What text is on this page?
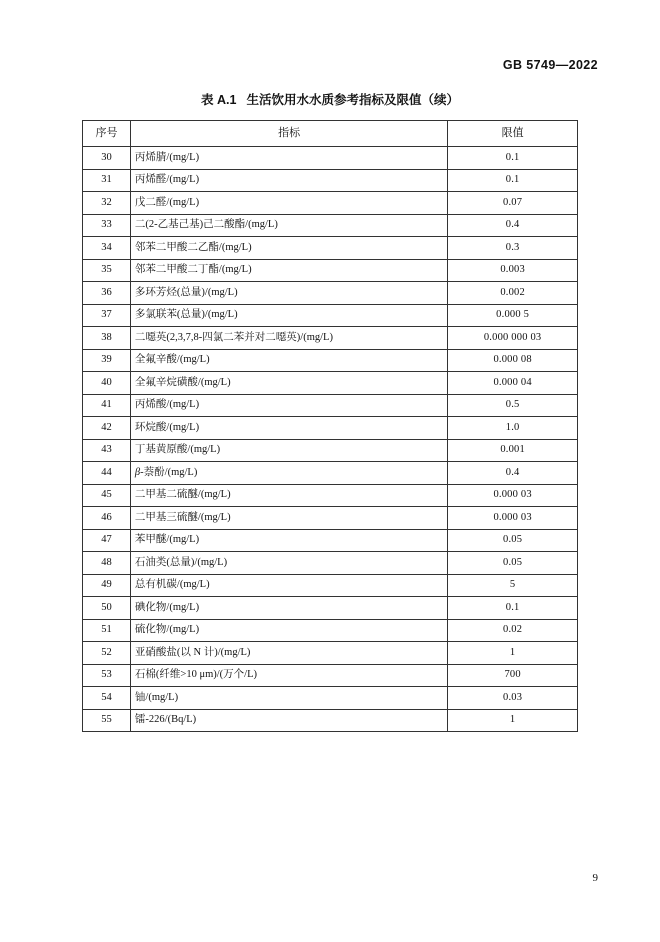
GB 5749—2022
表 A.1 生活饮用水水质参考指标及限值（续）
序号	指标	限值
30	丙烯腈/(mg/L)	0.1
31	丙烯醛/(mg/L)	0.1
32	戊二醛/(mg/L)	0.07
33	二(2-乙基己基)己二酸酯/(mg/L)	0.4
34	邻苯二甲酸二乙酯/(mg/L)	0.3
35	邻苯二甲酸二丁酯/(mg/L)	0.003
36	多环芳烃(总量)/(mg/L)	0.002
37	多氯联苯(总量)/(mg/L)	0.000 5
38	二噁英(2,3,7,8-四氯二苯并对二噁英)/(mg/L)	0.000 000 03
39	全氟辛酸/(mg/L)	0.000 08
40	全氟辛烷磺酸/(mg/L)	0.000 04
41	丙烯酸/(mg/L)	0.5
42	环烷酸/(mg/L)	1.0
43	丁基黄原酸/(mg/L)	0.001
44	β-萘酚/(mg/L)	0.4
45	二甲基二硫醚/(mg/L)	0.000 03
46	二甲基三硫醚/(mg/L)	0.000 03
47	苯甲醚/(mg/L)	0.05
48	石油类(总量)/(mg/L)	0.05
49	总有机碳/(mg/L)	5
50	碘化物/(mg/L)	0.1
51	硫化物/(mg/L)	0.02
52	亚硝酸盐(以 N 计)/(mg/L)	1
53	石棉(纤维>10 μm)/(万个/L)	700
54	铀/(mg/L)	0.03
55	镭-226/(Bq/L)	1
9
